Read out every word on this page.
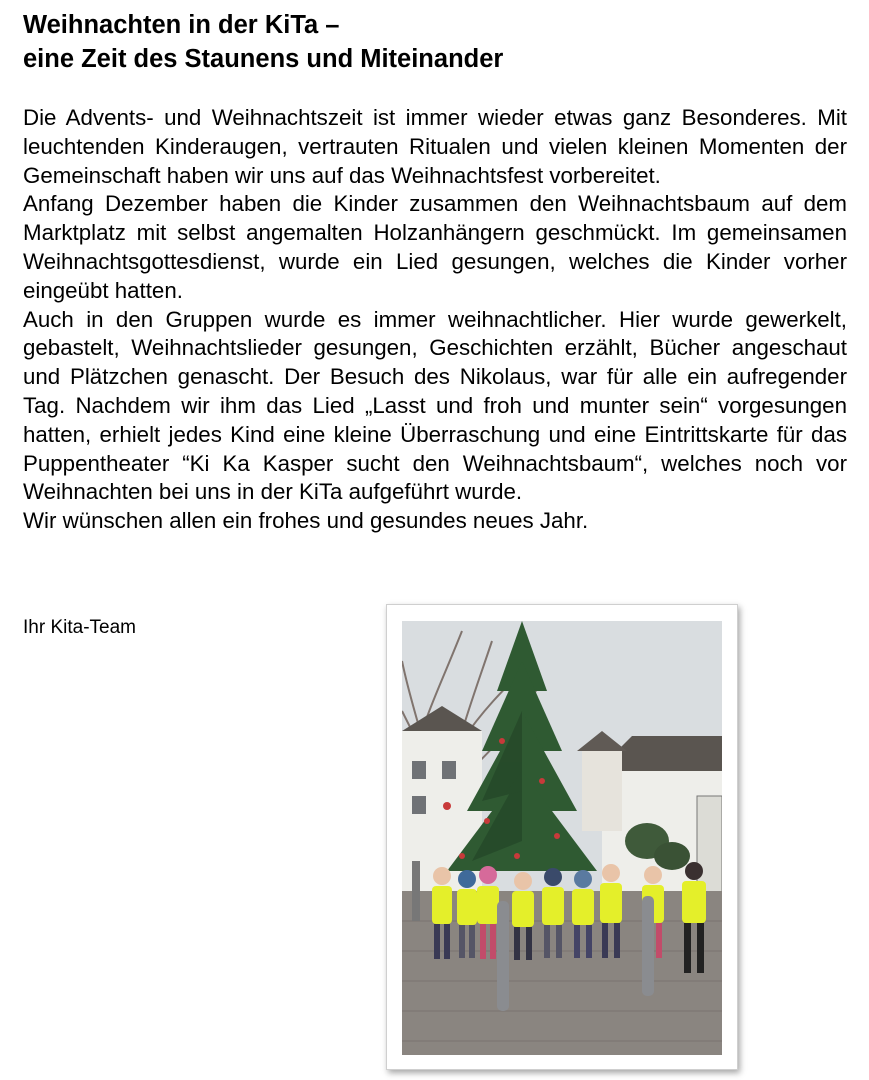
Weihnachten in der KiTa –
eine Zeit des Staunens und Miteinander

Die Advents- und Weihnachtszeit ist immer wieder etwas ganz Besonderes. Mit leuchtenden Kinderaugen, vertrauten Ritualen und vielen kleinen Momenten der Gemeinschaft haben wir uns auf das Weihnachtsfest vorbereitet.

Anfang Dezember haben die Kinder zusammen den Weihnachtsbaum auf dem Marktplatz mit selbst angemalten Holzanhängern geschmückt. Im gemeinsamen Weihnachtsgottesdienst, wurde ein Lied gesungen, welches die Kinder vorher eingeübt hatten.

Auch in den Gruppen wurde es immer weihnachtlicher. Hier wurde gewerkelt, gebastelt, Weihnachtslieder gesungen, Geschichten erzählt, Bücher angeschaut und Plätzchen genascht. Der Besuch des Nikolaus, war für alle ein aufregender Tag. Nachdem wir ihm das Lied „Lasst und froh und munter sein“ vorgesungen hatten, erhielt jedes Kind eine kleine Überraschung und eine Eintrittskarte für das Puppentheater “Ki Ka Kasper sucht den Weihnachtsbaum“, welches noch vor Weihnachten bei uns in der KiTa aufgeführt wurde.

Wir wünschen allen ein frohes und gesundes neues Jahr.

Ihr Kita-Team
